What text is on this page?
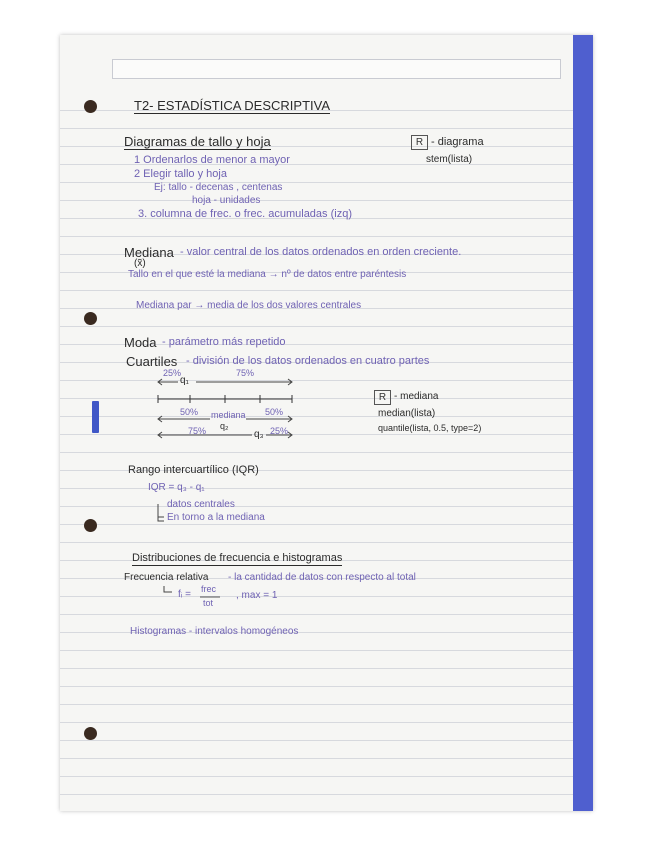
T2- ESTADÍSTICA DESCRIPTIVA
Diagramas de tallo y hoja	R - diagrama
stem(lista)
1 Ordenarlos de menor a mayor
2 Elegir tallo y hoja
Ej: tallo - decenas , centenas
hoja - unidades
3. columna de frec. o frec. acumuladas (izq)
Mediana - valor central de los datos ordenados en orden creciente.
(x̃)
Tallo en el que esté la mediana → nº de datos entre paréntesis
Mediana par → media de los dos valores centrales
Moda - parámetro más repetido
Cuartiles - división de los datos ordenados en cuatro partes
25%
q₁
75%
50% mediana 50%
q₂
75%	q₃ 25%
R - mediana
median(lista)
quantile(lista, 0.5, type=2)
Rango intercuartílico (IQR)
IQR = q₃ - q₁
datos centrales
En torno a la mediana
Distribuciones de frecuencia e histogramas
Frecuencia relativa - la cantidad de datos con respecto al total
fᵢ = frec
tot
, max = 1
Histogramas - intervalos homogéneos
